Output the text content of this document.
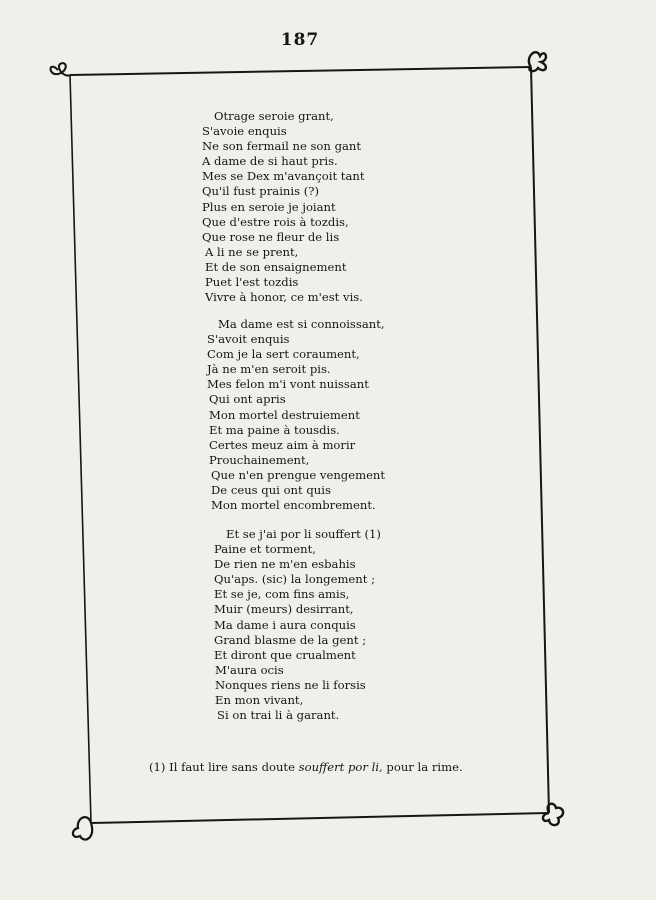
187
Otrage seroie grant,
S'avoie enquis
Ne son fermail ne son gant
A dame de si haut pris.
Mes se Dex m'avançoit tant
Qu'il fust prainis (?)
Plus en seroie je joiant
Que d'estre rois à tozdis,
Que rose ne fleur de lis
A li ne se prent,
Et de son ensaignement
Puet l'est tozdis
Vivre à honor, ce m'est vis.
Ma dame est si connoissant,
S'avoit enquis
Com je la sert coraument,
Jà ne m'en seroit pis.
Mes felon m'i vont nuissant
Qui ont apris
Mon mortel destruiement
Et ma paine à tousdis.
Certes meuz aim à morir
Prouchainement,
Que n'en prengue vengement
De ceus qui ont quis
Mon mortel encombrement.
Et se j'ai por li souffert (1)
Paine et torment,
De rien ne m'en esbahis
Qu'aps. (sic) la longement ;
Et se je, com fins amis,
Muir (meurs) desirrant,
Ma dame i aura conquis
Grand blasme de la gent ;
Et diront que crualment
M'aura ocis
Nonques riens ne li forsis
En mon vivant,
Si on trai li à garant.
(1) Il faut lire sans doute souffert por li, pour la rime.
